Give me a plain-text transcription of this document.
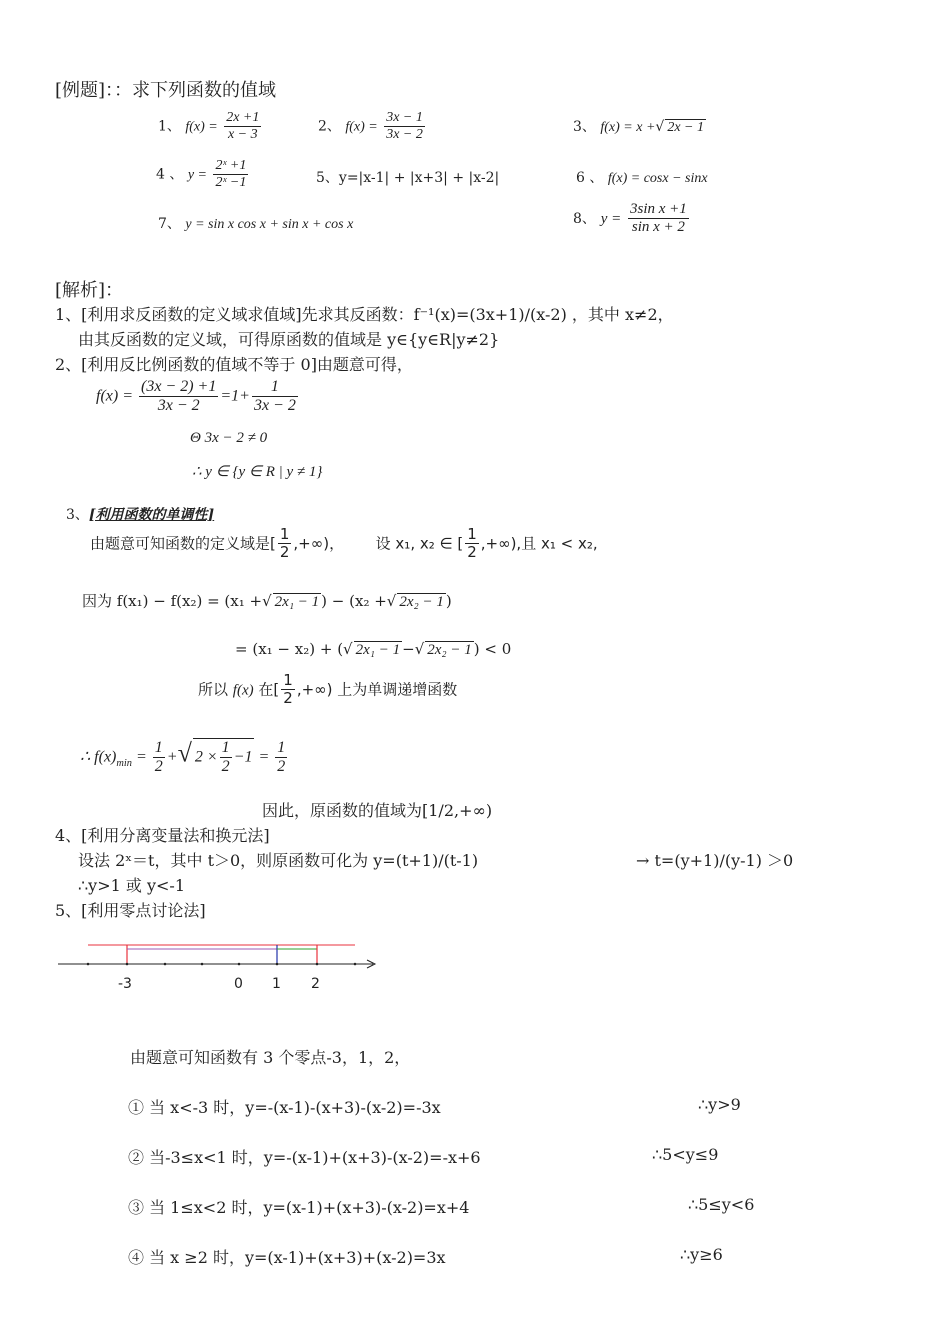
[例题]：：求下列函数的值域
1、 $f(x) = \frac{2x +1}{x - 3}$	2、 $f(x) = \frac{3x - 1}{3x - 2}$	3、 f(x) = x +√ 2x − 1
4 、 $y = \frac{\text{2ˣ +1}}{\text{2ˣ −1}}$	5、y=|x-1| + |x+3| + |x-2|	6 、 f(x) = cosx − sinx
7、 y = sin x cos x + sin x + cos x	8、 $y = \frac{\text{3sin x +1}}{\text{sin x + 2}}$
[解析]：
1、[利用求反函数的定义域求值域]先求其反函数：f⁻¹(x)=(3x+1)/(x-2) ，其中 x≠2，
由其反函数的定义域，可得原函数的值域是 y∈{y∈R|y≠2}
2、[利用反比例函数的值域不等于 0]由题意可得，
$f(x) = \frac{(3x - 2) +1}{3x - 2} =1+ \frac{1}{3x - 2}$
Θ 3x − 2 ≠ 0
∴ y ∈ {y ∈ R | y ≠ 1}
3、[利用函数的单调性]
由题意可知函数的定义域是[ $\frac{1}{2}$ ,+∞)， 设 x₁, x₂ ∈ [ $\frac{1}{2}$ ,+∞),且 x₁ < x₂,
因为 f(x₁) − f(x₂) = (x₁ +√ 2x₁ − 1 ) − (x₂ +√ 2x₂ − 1 )
= (x₁ − x₂) + (√ 2x₁ − 1 −√ 2x₂ − 1 ) < 0
所以 f(x) 在[ $\frac{1}{2}$ ,+∞) 上为单调递增函数
∴ $f(x)_{min} = \frac{1}{2}$ +√ $2 \times \frac{1}{2} -1 = \frac{1}{2}$
因此，原函数的值域为[1/2,+∞)
4、[利用分离变量法和换元法]
设法 2ˣ＝t，其中 t＞0，则原函数可化为 y=(t+1)/(t-1)	→ t=(y+1)/(y-1) ＞0
∴y>1 或 y<-1
5、[利用零点讨论法]
-3	0 1 2
由题意可知函数有 3 个零点-3，1，2，
① 当 x<-3 时，y=-(x-1)-(x+3)-(x-2)=-3x	∴y>9
② 当-3≤x<1 时，y=-(x-1)+(x+3)-(x-2)=-x+6	∴5<y≤9
③ 当 1≤x<2 时，y=(x-1)+(x+3)-(x-2)=x+4	∴5≤y<6
④ 当 x ≥2 时，y=(x-1)+(x+3)+(x-2)=3x	∴y≥6
